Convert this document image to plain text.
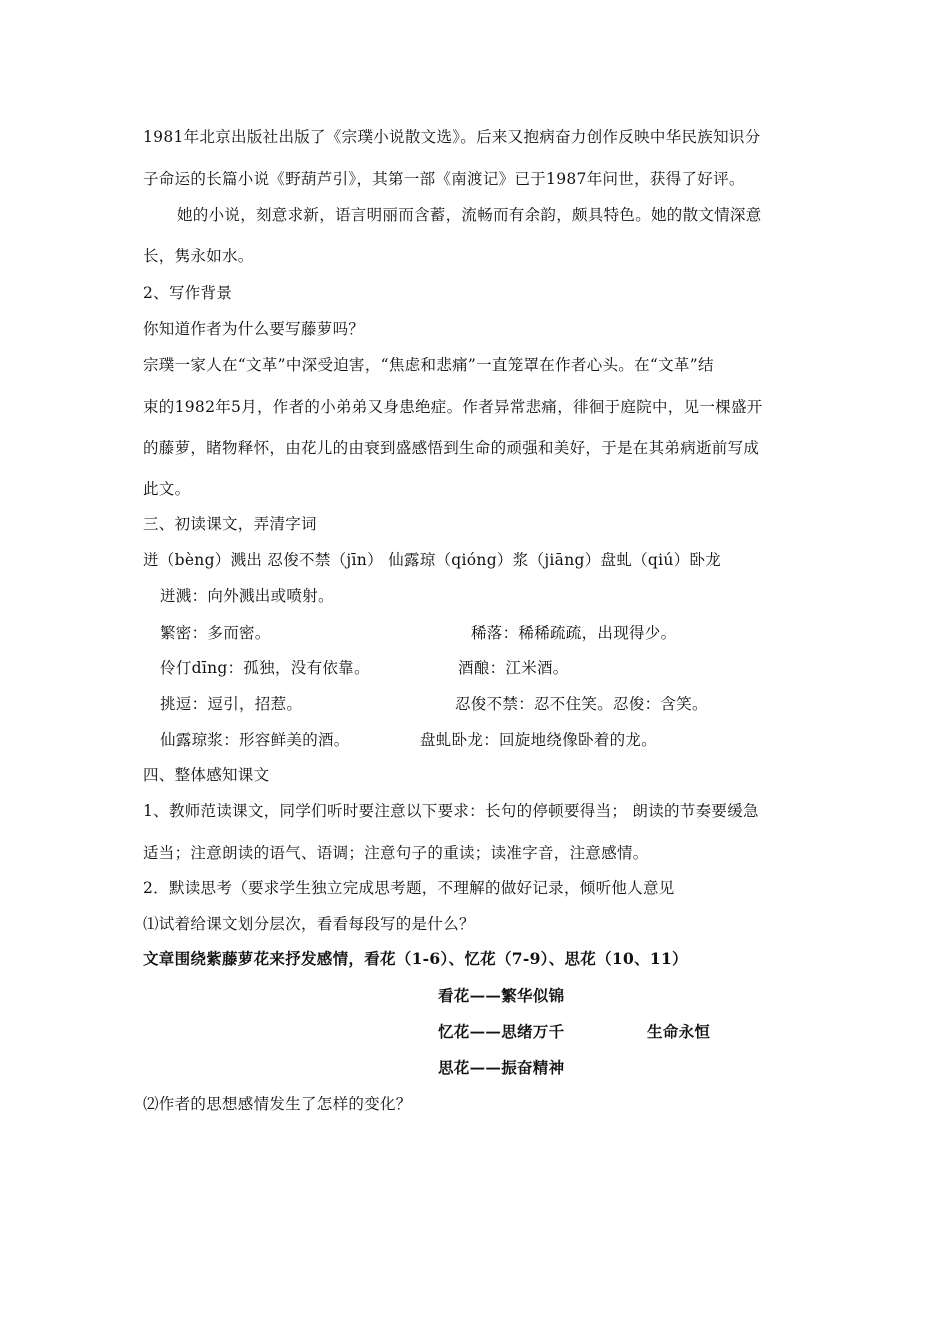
1981年北京出版社出版了《宗璞小说散文选》。后来又抱病奋力创作反映中华民族知识分
子命运的长篇小说《野葫芦引》，其第一部《南渡记》已于1987年问世，获得了好评。
她的小说，刻意求新，语言明丽而含蓄，流畅而有余韵，颇具特色。她的散文情深意
长，隽永如水。
2、写作背景
你知道作者为什么要写藤萝吗？
宗璞一家人在“文革”中深受迫害，“焦虑和悲痛”一直笼罩在作者心头。在“文革”结
束的1982年5月，作者的小弟弟又身患绝症。作者异常悲痛，徘徊于庭院中，见一棵盛开
的藤萝，睹物释怀，由花儿的由衰到盛感悟到生命的顽强和美好，于是在其弟病逝前写成
此文。
三、初读课文，弄清字词
迸（bèng）溅出 忍俊不禁（jīn） 仙露琼（qióng）浆（jiāng）盘虬（qiú）卧龙
迸溅：向外溅出或喷射。
繁密：多而密。	稀落：稀稀疏疏，出现得少。
伶仃dīng：孤独，没有依靠。	酒酿：江米酒。
挑逗：逗引，招惹。	忍俊不禁：忍不住笑。忍俊：含笑。
仙露琼浆：形容鲜美的酒。	盘虬卧龙：回旋地绕像卧着的龙。
四、整体感知课文
1、教师范读课文，同学们听时要注意以下要求：长句的停顿要得当； 朗读的节奏要缓急
适当；注意朗读的语气、语调；注意句子的重读；读准字音，注意感情。
2．默读思考（要求学生独立完成思考题，不理解的做好记录，倾听他人意见
⑴试着给课文划分层次，看看每段写的是什么？
文章围绕紫藤萝花来抒发感情，看花（1-6）、忆花（7-9）、思花（10、11）
看花——繁华似锦
忆花——思绪万千	生命永恒
思花——振奋精神
⑵作者的思想感情发生了怎样的变化？
